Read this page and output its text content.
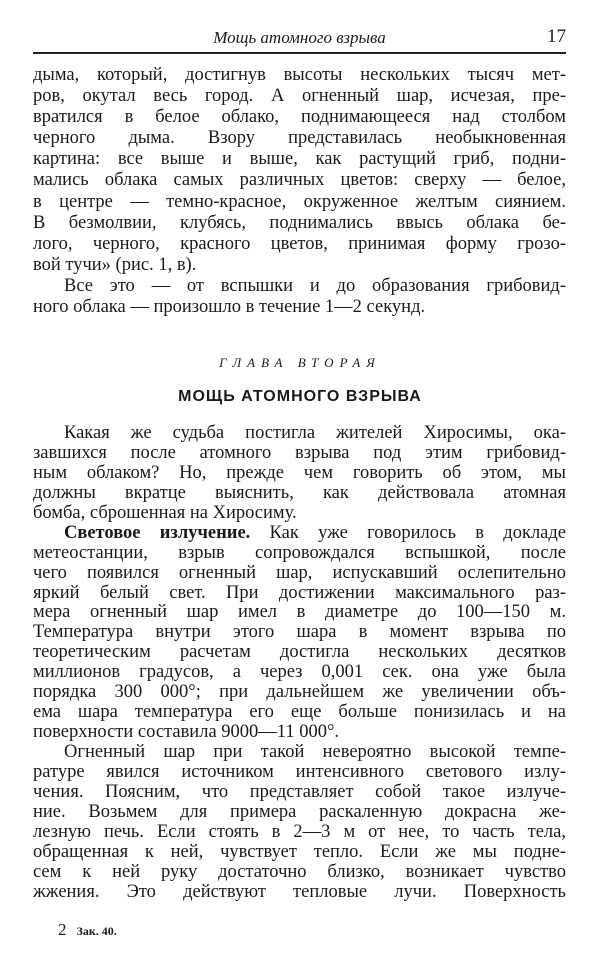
Мощь атомного взрыва	17
дыма, который, достигнув высоты нескольких тысяч мет-
ров, окутал весь город. А огненный шар, исчезая, пре-
вратился в белое облако, поднимающееся над столбом
черного дыма. Взору представилась необыкновенная
картина: все выше и выше, как растущий гриб, подни-
мались облака самых различных цветов: сверху — белое,
в центре — темно-красное, окруженное желтым сиянием.
В безмолвии, клубясь, поднимались ввысь облака бе-
лого, черного, красного цветов, принимая форму грозо-
вой тучи» (рис. 1, в).
Все это — от вспышки и до образования грибовид-
ного облака — произошло в течение 1—2 секунд.
ГЛАВА ВТОРАЯ
МОЩЬ АТОМНОГО ВЗРЫВА
Какая же судьба постигла жителей Хиросимы, ока-
завшихся после атомного взрыва под этим грибовид-
ным облаком? Но, прежде чем говорить об этом, мы
должны вкратце выяснить, как действовала атомная
бомба, сброшенная на Хиросиму.
Световое излучение. Как уже говорилось в докладе
метеостанции, взрыв сопровождался вспышкой, после
чего появился огненный шар, испускавший ослепительно
яркий белый свет. При достижении максимального раз-
мера огненный шар имел в диаметре до 100—150 м.
Температура внутри этого шара в момент взрыва по
теоретическим расчетам достигла нескольких десятков
миллионов градусов, а через 0,001 сек. она уже была
порядка 300 000°; при дальнейшем же увеличении объ-
ема шара температура его еще больше понизилась и на
поверхности составила 9000—11 000°.
Огненный шар при такой невероятно высокой темпе-
ратуре явился источником интенсивного светового излу-
чения. Поясним, что представляет собой такое излуче-
ние. Возьмем для примера раскаленную докрасна же-
лезную печь. Если стоять в 2—3 м от нее, то часть тела,
обращенная к ней, чувствует тепло. Если же мы подне-
сем к ней руку достаточно близко, возникает чувство
жжения. Это действуют тепловые лучи. Поверхность
2 Зак. 40.
